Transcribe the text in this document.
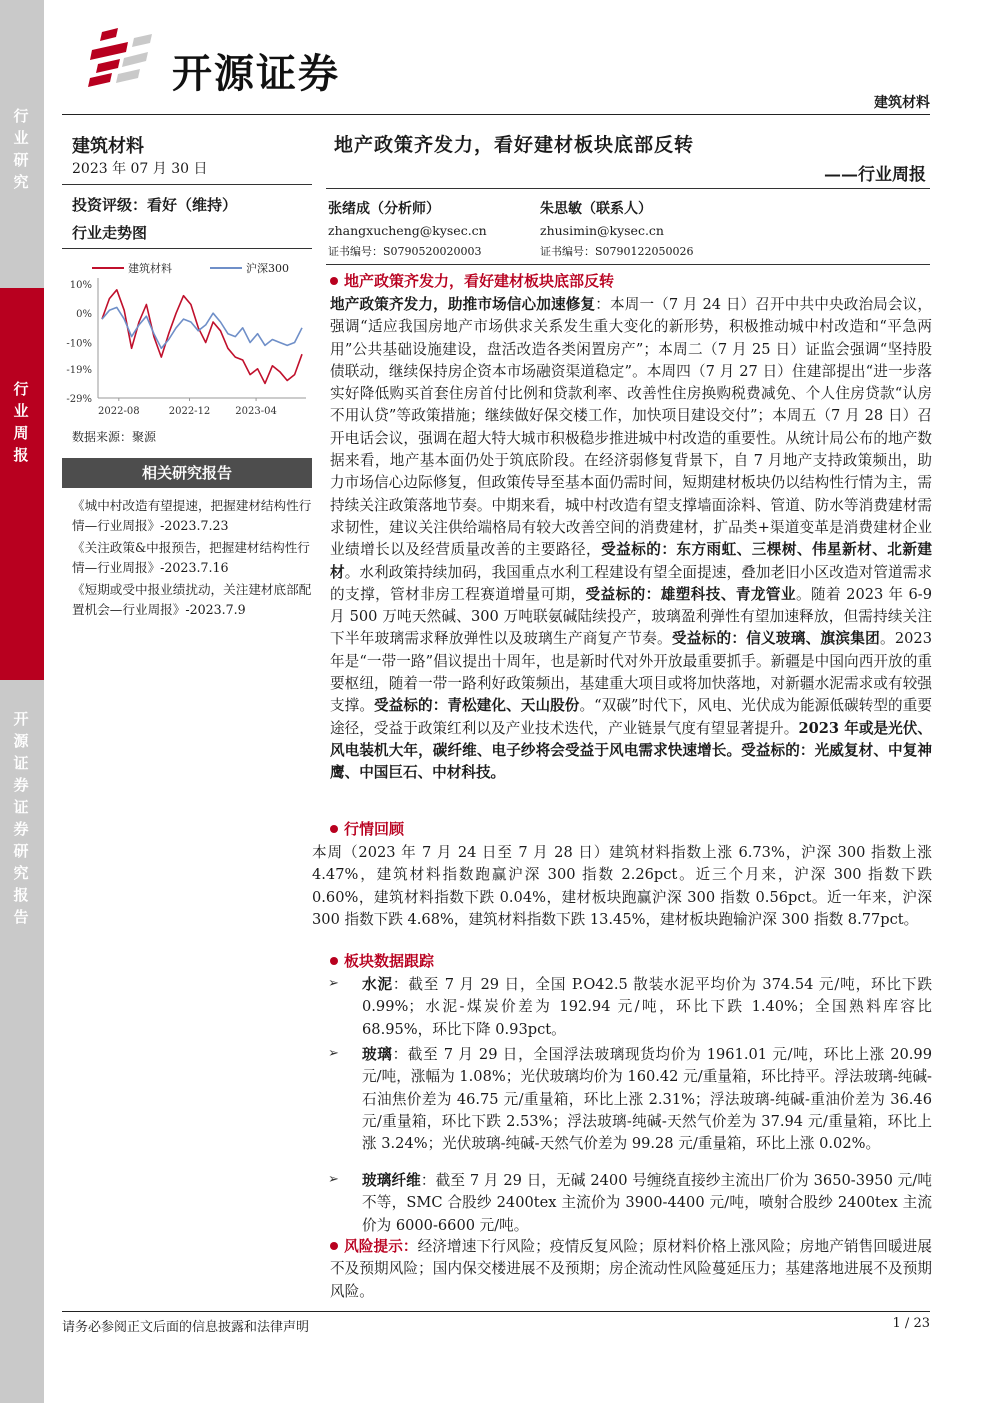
行业研究
行业周报
开源证券 证券研究报告
开源证券
建筑材料
建筑材料
2023 年 07 月 30 日
投资评级：看好（维持）
行业走势图
10%
0%
-10%
-19%
-29%
2022-08	2022-12 2023-04
建筑材料	沪深300
数据来源：聚源
相关研究报告
《城中村改造有望提速，把握建材结构性行情—行业周报》-2023.7.23
《关注政策&中报预告，把握建材结构性行情—行业周报》-2023.7.16
《短期或受中报业绩扰动，关注建材底部配置机会—行业周报》-2023.7.9
地产政策齐发力，看好建材板块底部反转
——行业周报
张绪成（分析师）
zhangxucheng@kysec.cn
证书编号：S0790520020003
朱思敏（联系人）
zhusimin@kysec.cn
证书编号：S0790122050026
地产政策齐发力，看好建材板块底部反转
地产政策齐发力，助推市场信心加速修复：本周一（7 月 24 日）召开中共中央政治局会议，强调“适应我国房地产市场供求关系发生重大变化的新形势，积极推动城中村改造和“平急两用”公共基础设施建设，盘活改造各类闲置房产”；本周二（7 月 25 日）证监会强调“坚持股债联动，继续保持房企资本市场融资渠道稳定”。本周四（7 月 27 日）住建部提出“进一步落实好降低购买首套住房首付比例和贷款利率、改善性住房换购税费减免、个人住房贷款“认房不用认贷”等政策措施；继续做好保交楼工作，加快项目建设交付”；本周五（7 月 28 日）召开电话会议，强调在超大特大城市积极稳步推进城中村改造的重要性。从统计局公布的地产数据来看，地产基本面仍处于筑底阶段。在经济弱修复背景下，自 7 月地产支持政策频出，助力市场信心边际修复，但政策传导至基本面仍需时间，短期建材板块仍以结构性行情为主，需持续关注政策落地节奏。中期来看，城中村改造有望支撑墙面涂料、管道、防水等消费建材需求韧性，建议关注供给端格局有较大改善空间的消费建材，扩品类+渠道变革是消费建材企业业绩增长以及经营质量改善的主要路径，受益标的：东方雨虹、三棵树、伟星新材、北新建材。水利政策持续加码，我国重点水利工程建设有望全面提速，叠加老旧小区改造对管道需求的支撑，管材非房工程赛道增量可期，受益标的：雄塑科技、青龙管业。随着 2023 年 6-9 月 500 万吨天然碱、300 万吨联氨碱陆续投产，玻璃盈利弹性有望加速释放，但需持续关注下半年玻璃需求释放弹性以及玻璃生产商复产节奏。受益标的：信义玻璃、旗滨集团。2023 年是“一带一路”倡议提出十周年，也是新时代对外开放最重要抓手。新疆是中国向西开放的重要枢纽，随着一带一路利好政策频出，基建重大项目或将加快落地，对新疆水泥需求或有较强支撑。受益标的：青松建化、天山股份。“双碳”时代下，风电、光伏成为能源低碳转型的重要途径，受益于政策红利以及产业技术迭代，产业链景气度有望显著提升。2023 年或是光伏、风电装机大年，碳纤维、电子纱将会受益于风电需求快速增长。受益标的：光威复材、中复神鹰、中国巨石、中材科技。
行情回顾
本周（2023 年 7 月 24 日至 7 月 28 日）建筑材料指数上涨 6.73%，沪深 300 指数上涨 4.47%，建筑材料指数跑赢沪深 300 指数 2.26pct。近三个月来，沪深 300 指数下跌 0.60%，建筑材料指数下跌 0.04%，建材板块跑赢沪深 300 指数 0.56pct。近一年来，沪深 300 指数下跌 4.68%，建筑材料指数下跌 13.45%，建材板块跑输沪深 300 指数 8.77pct。
板块数据跟踪
➢ 水泥：截至 7 月 29 日，全国 P.O42.5 散装水泥平均价为 374.54 元/吨，环比下跌 0.99%；水泥-煤炭价差为 192.94 元/吨，环比下跌 1.40%；全国熟料库容比 68.95%，环比下降 0.93pct。
➢ 玻璃：截至 7 月 29 日，全国浮法玻璃现货均价为 1961.01 元/吨，环比上涨 20.99 元/吨，涨幅为 1.08%；光伏玻璃均价为 160.42 元/重量箱，环比持平。浮法玻璃-纯碱-石油焦价差为 46.75 元/重量箱，环比上涨 2.31%；浮法玻璃-纯碱-重油价差为 36.46 元/重量箱，环比下跌 2.53%；浮法玻璃-纯碱-天然气价差为 37.94 元/重量箱，环比上涨 3.24%；光伏玻璃-纯碱-天然气价差为 99.28 元/重量箱，环比上涨 0.02%。
➢ 玻璃纤维：截至 7 月 29 日，无碱 2400 号缠绕直接纱主流出厂价为 3650-3950 元/吨不等，SMC 合股纱 2400tex 主流价为 3900-4400 元/吨，喷射合股纱 2400tex 主流价为 6000-6600 元/吨。
风险提示：经济增速下行风险；疫情反复风险；原材料价格上涨风险；房地产销售回暖进展不及预期风险；国内保交楼进展不及预期；房企流动性风险蔓延压力；基建落地进展不及预期风险。
请务必参阅正文后面的信息披露和法律声明	1 / 23
